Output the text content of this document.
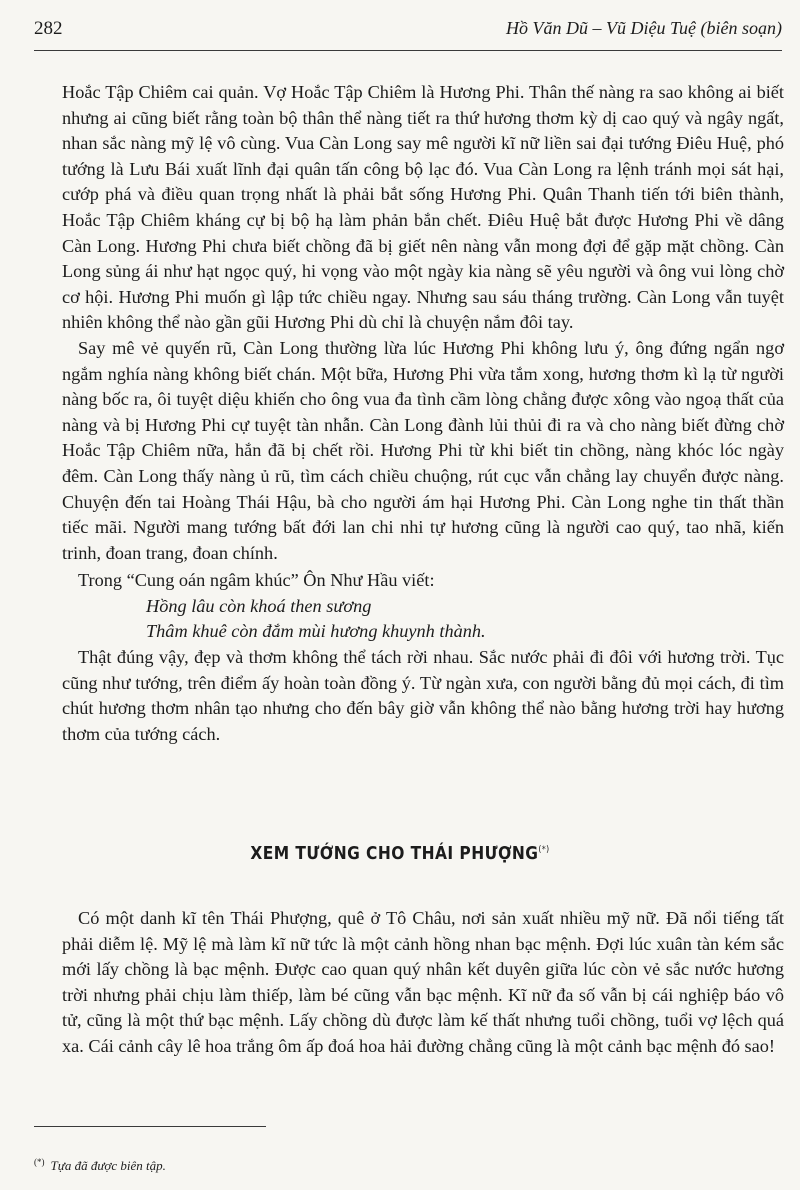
282	Hồ Văn Dũ – Vũ Diệu Tuệ (biên soạn)

Hoắc Tập Chiêm cai quản. Vợ Hoắc Tập Chiêm là Hương Phi. Thân thế nàng ra sao không ai biết nhưng ai cũng biết rằng toàn bộ thân thể nàng tiết ra thứ hương thơm kỳ dị cao quý và ngây ngất, nhan sắc nàng mỹ lệ vô cùng. Vua Càn Long say mê người kĩ nữ liền sai đại tướng Điêu Huệ, phó tướng là Lưu Bái xuất lĩnh đại quân tấn công bộ lạc đó. Vua Càn Long ra lệnh tránh mọi sát hại, cướp phá và điều quan trọng nhất là phải bắt sống Hương Phi. Quân Thanh tiến tới biên thành, Hoắc Tập Chiêm kháng cự bị bộ hạ làm phản bắn chết. Điêu Huệ bắt được Hương Phi về dâng Càn Long. Hương Phi chưa biết chồng đã bị giết nên nàng vẫn mong đợi để gặp mặt chồng. Càn Long sủng ái như hạt ngọc quý, hi vọng vào một ngày kia nàng sẽ yêu người và ông vui lòng chờ cơ hội. Hương Phi muốn gì lập tức chiều ngay. Nhưng sau sáu tháng trường. Càn Long vẫn tuyệt nhiên không thể nào gần gũi Hương Phi dù chỉ là chuyện nắm đôi tay.

Say mê vẻ quyến rũ, Càn Long thường lừa lúc Hương Phi không lưu ý, ông đứng ngẩn ngơ ngắm nghía nàng không biết chán. Một bữa, Hương Phi vừa tắm xong, hương thơm kì lạ từ người nàng bốc ra, ôi tuyệt diệu khiến cho ông vua đa tình cầm lòng chẳng được xông vào ngoạ thất của nàng và bị Hương Phi cự tuyệt tàn nhẫn. Càn Long đành lủi thủi đi ra và cho nàng biết đừng chờ Hoắc Tập Chiêm nữa, hắn đã bị chết rồi. Hương Phi từ khi biết tin chồng, nàng khóc lóc ngày đêm. Càn Long thấy nàng ủ rũ, tìm cách chiều chuộng, rút cục vẫn chẳng lay chuyển được nàng. Chuyện đến tai Hoàng Thái Hậu, bà cho người ám hại Hương Phi. Càn Long nghe tin thất thần tiếc mãi. Người mang tướng bất đới lan chi nhi tự hương cũng là người cao quý, tao nhã, kiến trinh, đoan trang, đoan chính.

Trong “Cung oán ngâm khúc” Ôn Như Hầu viết:

Hồng lâu còn khoá then sương

Thâm khuê còn đắm mùi hương khuynh thành.

Thật đúng vậy, đẹp và thơm không thể tách rời nhau. Sắc nước phải đi đôi với hương trời. Tục cũng như tướng, trên điểm ấy hoàn toàn đồng ý. Từ ngàn xưa, con người bằng đủ mọi cách, đi tìm chút hương thơm nhân tạo nhưng cho đến bây giờ vẫn không thể nào bằng hương trời hay hương thơm của tướng cách.

XEM TƯỚNG CHO THÁI PHƯỢNG(*)

Có một danh kĩ tên Thái Phượng, quê ở Tô Châu, nơi sản xuất nhiều mỹ nữ. Đã nổi tiếng tất phải diễm lệ. Mỹ lệ mà làm kĩ nữ tức là một cảnh hồng nhan bạc mệnh. Đợi lúc xuân tàn kém sắc mới lấy chồng là bạc mệnh. Được cao quan quý nhân kết duyên giữa lúc còn vẻ sắc nước hương trời nhưng phải chịu làm thiếp, làm bé cũng vẫn bạc mệnh. Kĩ nữ đa số vẫn bị cái nghiệp báo vô tử, cũng là một thứ bạc mệnh. Lấy chồng dù được làm kế thất nhưng tuổi chồng, tuổi vợ lệch quá xa. Cái cảnh cây lê hoa trắng ôm ấp đoá hoa hải đường chẳng cũng là một cảnh bạc mệnh đó sao!

(*) Tựa đã được biên tập.
